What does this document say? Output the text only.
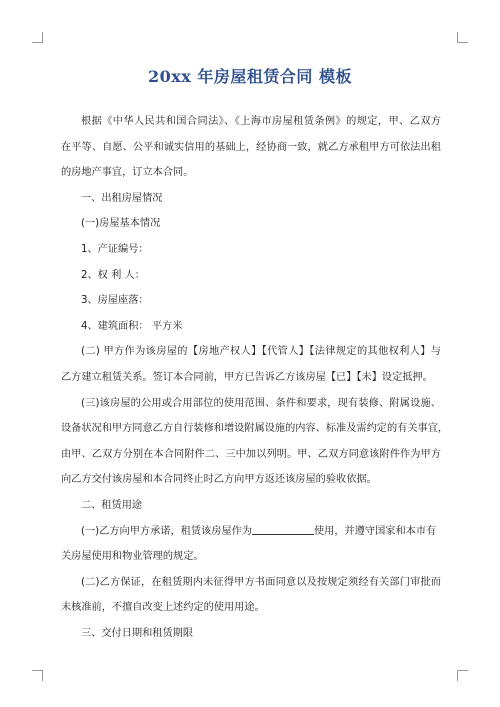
20xx 年房屋租赁合同 模板

根据《中华人民共和国合同法》、《上海市房屋租赁条例》的规定，甲、乙双方

在平等、自愿、公平和诚实信用的基础上，经协商一致，就乙方承租甲方可依法出租

的房地产事宜，订立本合同。

一、出租房屋情况

(一)房屋基本情况

1、产证编号：

2、权 利 人：

3、房屋座落：

4、建筑面积： 平方米

(二) 甲方作为该房屋的【房地产权人】【代管人】【法律规定的其他权利人】与

乙方建立租赁关系。签订本合同前，甲方已告诉乙方该房屋【已】【未】设定抵押。

(三)该房屋的公用或合用部位的使用范围、条件和要求，现有装修、附属设施、

设备状况和甲方同意乙方自行装修和增设附属设施的内容、标准及需约定的有关事宜，

由甲、乙双方分别在本合同附件二、三中加以列明。甲、乙双方同意该附件作为甲方

向乙方交付该房屋和本合同终止时乙方向甲方返还该房屋的验收依据。

二、租赁用途

(一)乙方向甲方承诺，租赁该房屋作为	使用，并遵守国家和本市有

关房屋使用和物业管理的规定。

(二)乙方保证，在租赁期内未征得甲方书面同意以及按规定须经有关部门审批而

未核准前，不擅自改变上述约定的使用用途。

三、交付日期和租赁期限
